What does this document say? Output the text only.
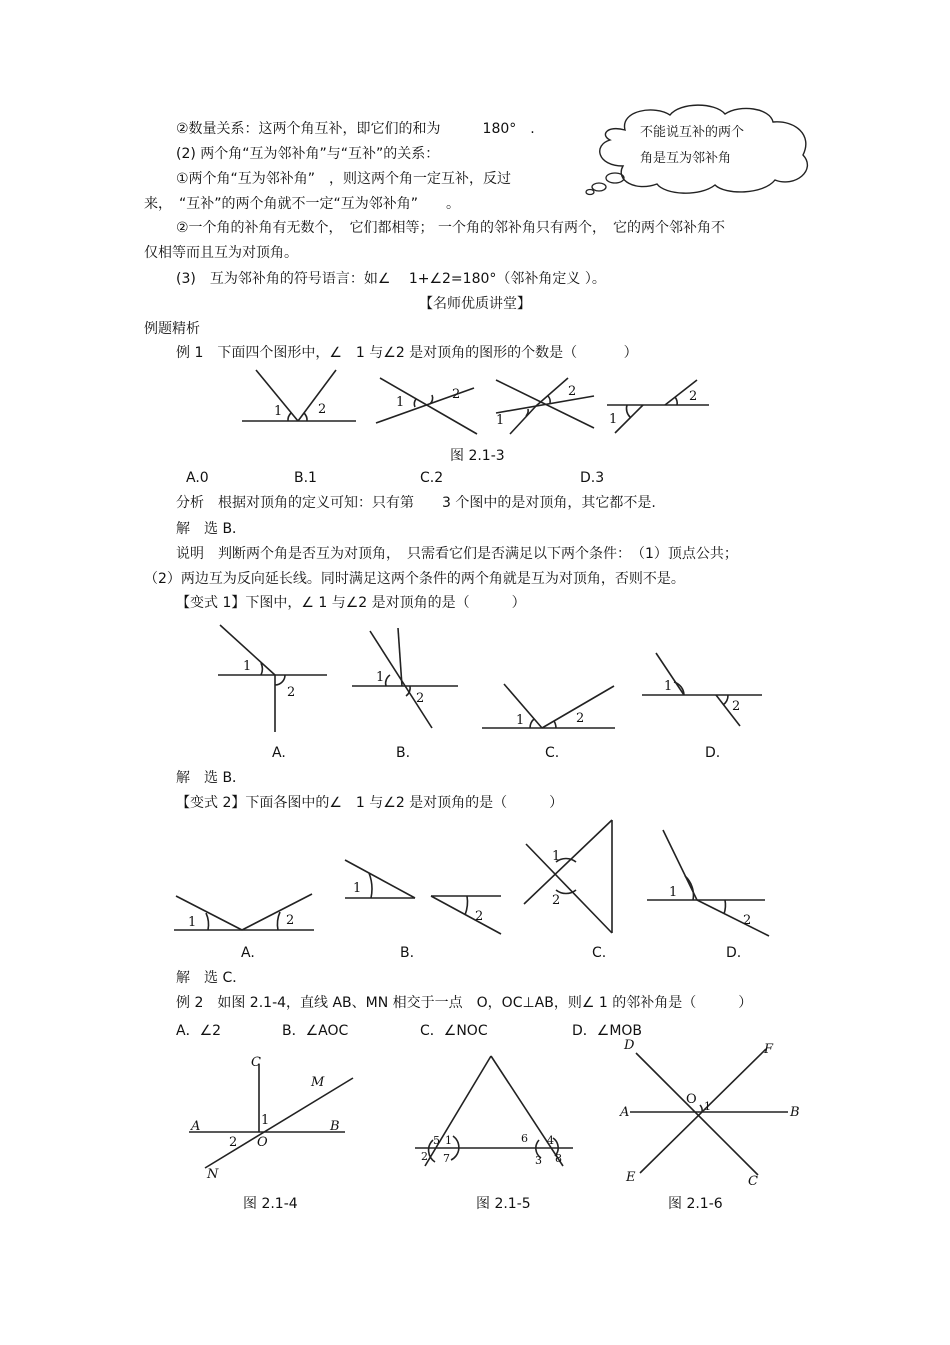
不能说互补的两个
角是互为邻补角
②数量关系：这两个角互补，即它们的和为　　　180°　.
(2) 两个角“互为邻补角”与“互补”的关系：
①两个角“互为邻补角”　，则这两个角一定互补，反过
来，　“互补”的两个角就不一定“互为邻补角”　　。
②一个角的补角有无数个，　它们都相等； 一个角的邻补角只有两个，　它的两个邻补角不
仅相等而且互为对顶角。
(3)　互为邻补角的符号语言：如∠　 1+∠2=180°（邻补角定义 ）。
【名师优质讲堂】
例题精析
例 1　下面四个图形中，∠　1 与∠2 是对顶角的图形的个数是（　　　 ）
1	2	1
2	2
1	1
2
图 2.1-3
A.0	B.1	C.2	D.3
分析　根据对顶角的定义可知：只有第　　3 个图中的是对顶角，其它都不是.
解　选 B．
说明　判断两个角是否互为对顶角，　只需看它们是否满足以下两个条件：　（1）顶点公共；
（2）两边互为反向延长线。同时满足这两个条件的两个角就是互为对顶角，否则不是。
【变式 1】下图中，∠ 1 与∠2 是对顶角的是（　　　）
1
2
1
2
1	2
1
2
A.	B.	C.	D.
解　选 B．
【变式 2】下面各图中的∠　1 与∠2 是对顶角的是（　　　）
1	2
1
2
1
2
1
2
A.	B.	C.	D.
解　选 C．
例 2　如图 2.1-4，直线 AB、MN 相交于一点　O，OC⊥AB，则∠ 1 的邻补角是（　　　）
A．∠2	B．∠AOC	C．∠NOC	D．∠MOB
C
M
A	B
1
2 O
N
5 1
2 7
6 4
3 8
D	F
O 1
A	B
E	C
图 2.1-4	图 2.1-5	图 2.1-6
